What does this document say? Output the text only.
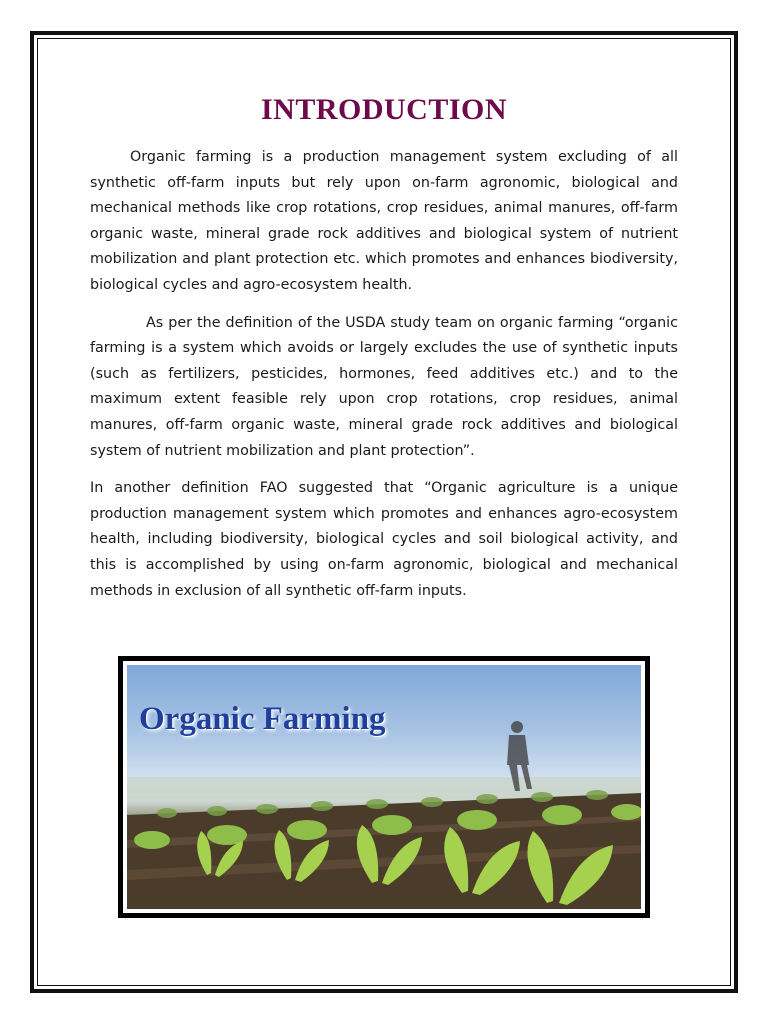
INTRODUCTION

Organic farming is a production management system excluding of all synthetic off-farm inputs but rely upon on-farm agronomic, biological and mechanical methods like crop rotations, crop residues, animal manures, off-farm organic waste, mineral grade rock additives and biological system of nutrient mobilization and plant protection etc. which promotes and enhances biodiversity, biological cycles and agro-ecosystem health.

As per the definition of the USDA study team on organic farming “organic farming is a system which avoids or largely excludes the use of synthetic inputs (such as fertilizers, pesticides, hormones, feed additives etc.) and to the maximum extent feasible rely upon crop rotations, crop residues, animal manures, off-farm organic waste, mineral grade rock additives and biological system of nutrient mobilization and plant protection”.

In another definition FAO suggested that “Organic agriculture is a unique production management system which promotes and enhances agro-ecosystem health, including biodiversity, biological cycles and soil biological activity, and this is accomplished by using on-farm agronomic, biological and mechanical methods in exclusion of all synthetic off-farm inputs.

Organic Farming
